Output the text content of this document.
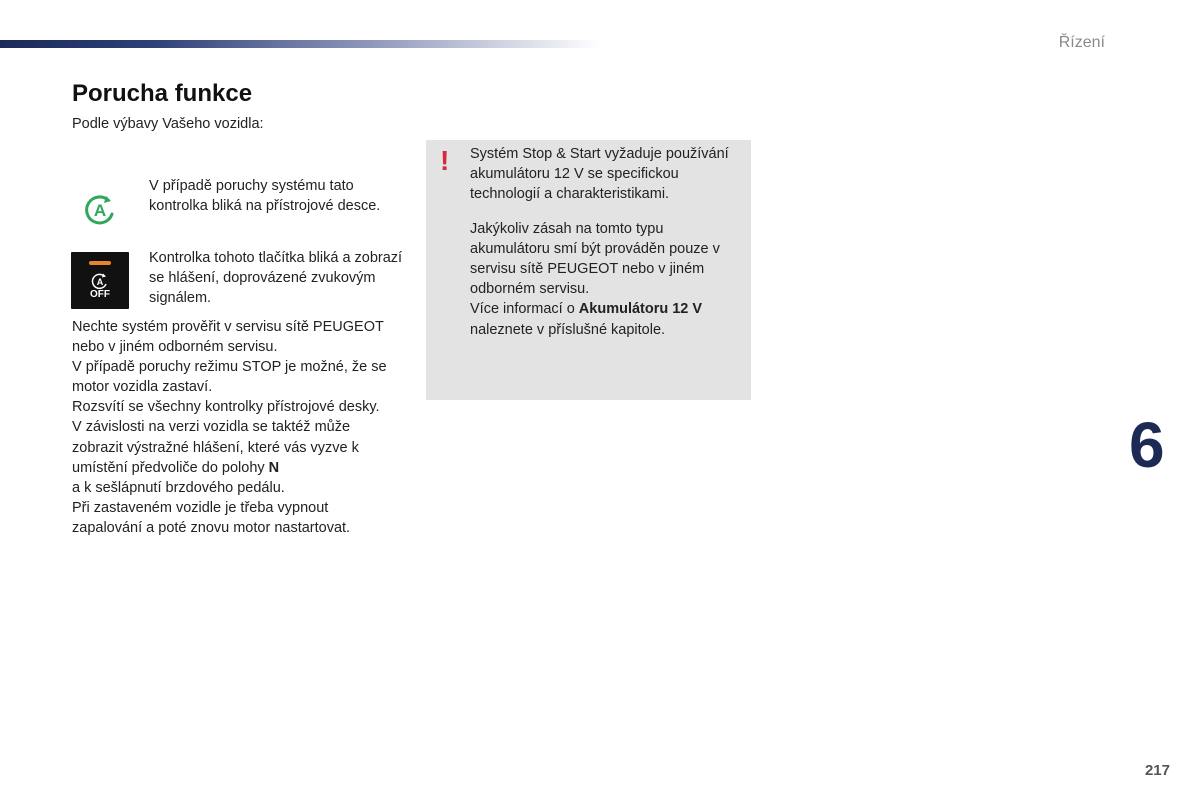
Řízení
Porucha funkce
Podle výbavy Vašeho vozidla:
A
V případě poruchy systému tato kontrolka bliká na přístrojové desce.
A
OFF
Kontrolka tohoto tlačítka bliká a zobrazí se hlášení, doprovázené zvukovým signálem.

Nechte systém prověřit v servisu sítě PEUGEOT nebo v jiném odborném servisu.

V případě poruchy režimu STOP je možné, že se motor vozidla zastaví.

Rozsvítí se všechny kontrolky přístrojové desky.

V závislosti na verzi vozidla se taktéž může zobrazit výstražné hlášení, které vás vyzve k umístění předvoliče do polohy N

a k sešlápnutí brzdového pedálu.

Při zastaveném vozidle je třeba vypnout zapalování a poté znovu motor nastartovat.

! Systém Stop & Start vyžaduje používání akumulátoru 12 V se specifickou technologií a charakteristikami.

Jakýkoliv zásah na tomto typu akumulátoru smí být prováděn pouze v servisu sítě PEUGEOT nebo v jiném odborném servisu.

Více informací o Akumulátoru 12 V naleznete v příslušné kapitole.

6
217
